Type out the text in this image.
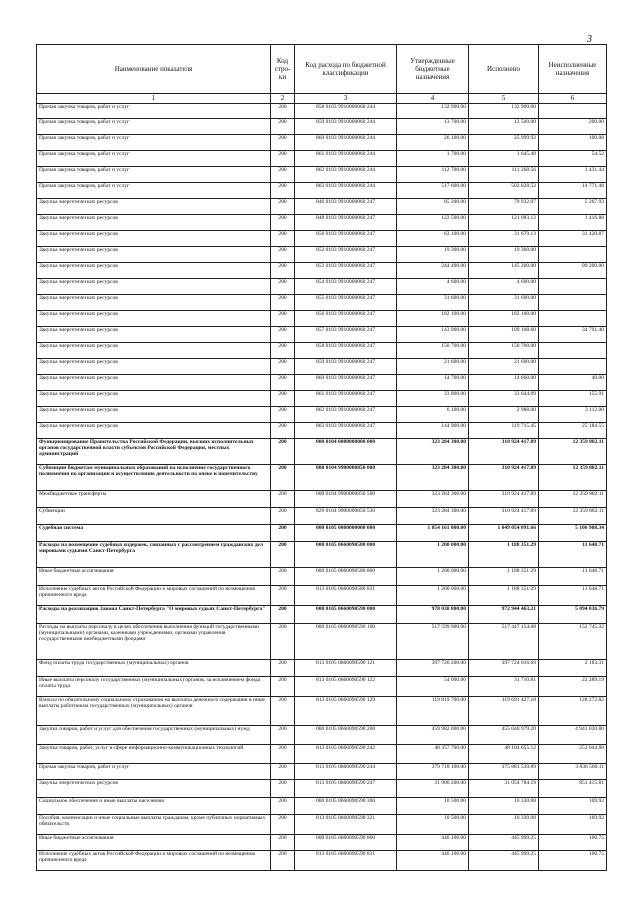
3
Наименование показателя	Код стро-ки	Код расхода по бюджетной классификации	Утвержденные бюджетные назначения	Исполнено	Неисполненные назначения
1	2	3	4	5	6
Прочая закупка товаров, работ и услуг	200	858 0103 9910000060 244	132 900.00	132 900.00	
Прочая закупка товаров, работ и услуг	200	859 0103 9910000060 244	13 700.00	13 500.00	200.00
Прочая закупка товаров, работ и услуг	200	860 0103 9910000060 244	26 100.00	25 999.92	100.08
Прочая закупка товаров, работ и услуг	200	861 0103 9910000060 244	1 700.00	1 645.48	54.52
Прочая закупка товаров, работ и услуг	200	862 0103 9910000060 244	112 700.00	111 268.56	1 431.44
Прочая закупка товаров, работ и услуг	200	863 0103 9910000060 244	517 600.00	502 828.52	14 771.48
Закупка энергетических ресурсов	200	846 0103 9910000060 247	85 200.00	79 932.07	5 267.93
Закупка энергетических ресурсов	200	848 0103 9910000060 247	122 500.00	121 083.12	1 416.88
Закупка энергетических ресурсов	200	850 0103 9910000060 247	63 100.00	31 679.13	31 420.87
Закупка энергетических ресурсов	200	852 0103 9910000060 247	19 300.00	19 300.00	
Закупка энергетических ресурсов	200	853 0103 9910000060 247	244 400.00	145 200.00	99 200.00
Закупка энергетических ресурсов	200	854 0103 9910000060 247	4 600.00	4 600.00	
Закупка энергетических ресурсов	200	855 0103 9910000060 247	31 600.00	31 600.00	
Закупка энергетических ресурсов	200	856 0103 9910000060 247	182 100.00	182 100.00	
Закупка энергетических ресурсов	200	857 0103 9910000060 247	143 900.00	109 108.60	34 791.40
Закупка энергетических ресурсов	200	858 0103 9910000060 247	150 700.00	150 700.00	
Закупка энергетических ресурсов	200	859 0103 9910000060 247	21 600.00	21 600.00	
Закупка энергетических ресурсов	200	860 0103 9910000060 247	14 700.00	14 660.00	40.00
Закупка энергетических ресурсов	200	861 0103 9910000060 247	33 800.00	33 644.09	155.91
Закупка энергетических ресурсов	200	862 0103 9910000060 247	6 100.00	2 988.00	3 112.00
Закупка энергетических ресурсов	200	863 0103 9910000060 247	144 900.00	119 715.45	25 184.55
Функционирование Правительства Российской Федерации, высших исполнительных органов государственной власти субъектов Российской Федерации, местных администраций	200	000 0104 0000000000 000	323 284 300.00	310 924 417.89	12 359 882.11
Субвенции бюджетам муниципальных образований на исполнение государственного полномочия по организации и осуществлению деятельности по опеке и попечительству	200	000 0104 9900000850 000	323 284 300.00	310 924 417.89	12 359 882.11
Межбюджетные трансферты	200	000 0104 9900000850 500	323 284 300.00	310 924 417.89	12 359 882.11
Субвенции	200	829 0104 9900000850 530	323 284 300.00	310 924 417.89	12 359 882.11
Судебная система	200	000 0105 0000000000 000	1 054 161 000.00	1 049 054 091.66	5 106 908.34
Расходы на возмещение судебных издержек, связанных с рассмотрением гражданских дел мировыми судьями Санкт-Петербурга	200	000 0105 0660090580 000	1 200 000.00	1 188 351.29	11 648.71
Иные бюджетные ассигнования	200	000 0105 0660090580 800	1 200 000.00	1 188 351.29	11 648.71
Исполнение судебных актов Российской Федерации и мировых соглашений по возмещению причиненного вреда	200	813 0105 0660090580 831	1 200 000.00	1 188 351.29	11 648.71
Расходы на реализацию Закона Санкт-Петербурга "О мировых судьях Санкт-Петербурга"	200	000 0105 0660090590 000	978 038 800.00	972 944 463.21	5 094 036.79
Расходы на выплаты персоналу в целях обеспечения выполнения функций государственными (муниципальными) органами, казенными учреждениями, органами управления государственными внебюджетными фондами	200	000 0105 0660090590 100	517 599 900.00	517 447 154.68	152 745.32
Фонд оплаты труда государственных (муниципальных) органов	200	813 0105 0660090590 121	397 726 200.00	397 724 016.69	2 183.31
Иные выплаты персоналу государственных (муниципальных) органов, за исключением фонда оплаты труда	200	813 0105 0660090590 122	54 000.00	31 710.81	22 289.19
Взносы по обязательному социальному страхованию на выплаты денежного содержания и иные выплаты работникам государственных (муниципальных) органов	200	813 0105 0660090590 129	119 819 700.00	119 691 427.18	128 272.82
Закупка товаров, работ и услуг для обеспечения государственных (муниципальных) нужд	200	000 0105 0660090590 200	459 982 000.00	455 040 979.20	4 941 020.80
Закупка товаров, работ, услуг в сфере информационно-коммуникационных технологий	200	813 0105 0660090590 242	48 357 700.00	48 104 655.12	253 044.88
Прочая закупка товаров, работ и услуг	200	813 0105 0660090590 244	379 718 100.00	375 881 539.89	3 836 560.11
Закупка энергетических ресурсов	200	813 0105 0660090590 247	31 906 200.00	31 054 784.19	851 415.81
Социальное обеспечение и иные выплаты населению	200	000 0105 0660090590 300	10 500.00	10 330.08	169.92
Пособия, компенсации и иные социальные выплаты гражданам, кроме публичных нормативных обязательств	200	813 0105 0660090590 321	10 500.00	10 330.08	169.92
Иные бюджетные ассигнования	200	000 0105 0660090590 800	446 100.00	445 999.25	100.75
Исполнение судебных актов Российской Федерации и мировых соглашений по возмещению причиненного вреда	200	813 0105 0660090590 831	446 100.00	445 999.25	100.75
